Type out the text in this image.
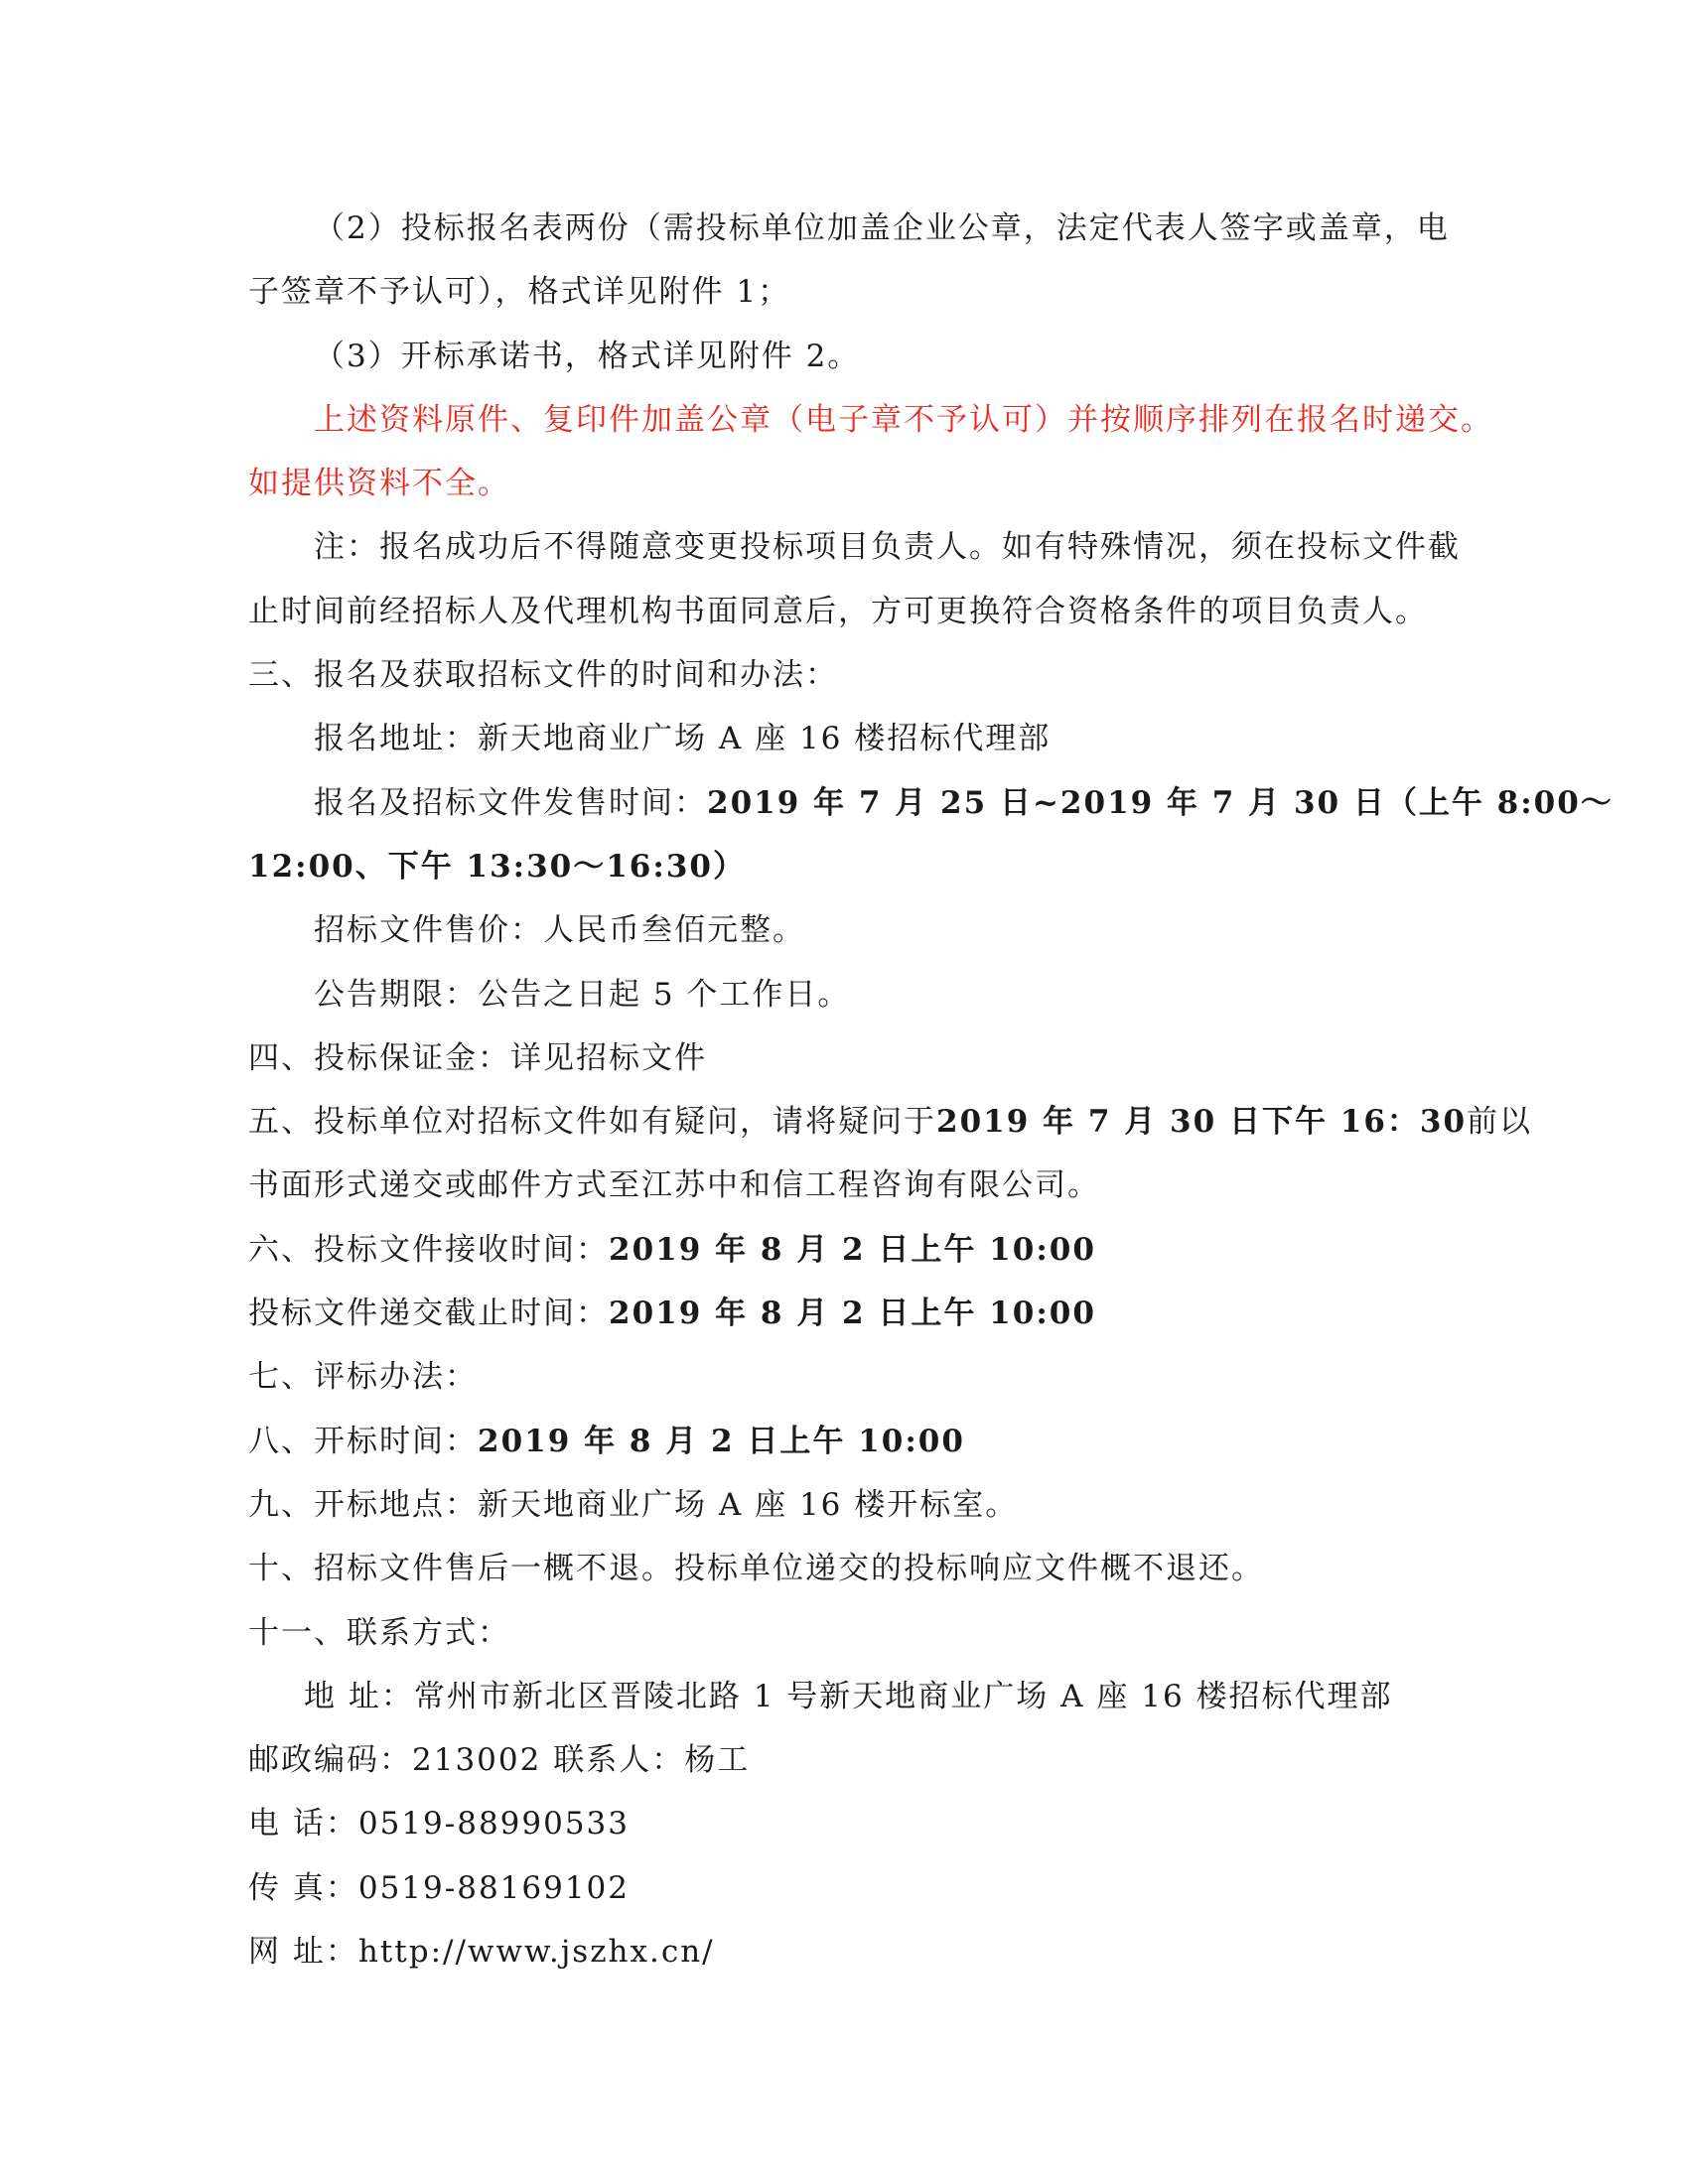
（2）投标报名表两份（需投标单位加盖企业公章，法定代表人签字或盖章，电
子签章不予认可），格式详见附件 1；
（3）开标承诺书，格式详见附件 2。
上述资料原件、复印件加盖公章（电子章不予认可）并按顺序排列在报名时递交。
如提供资料不全。
注：报名成功后不得随意变更投标项目负责人。如有特殊情况，须在投标文件截
止时间前经招标人及代理机构书面同意后，方可更换符合资格条件的项目负责人。
三、报名及获取招标文件的时间和办法：
报名地址：新天地商业广场 A 座 16 楼招标代理部
报名及招标文件发售时间：2019 年 7 月 25 日~2019 年 7 月 30 日（上午 8:00～
12:00、下午 13:30～16:30）
招标文件售价：人民币叁佰元整。
公告期限：公告之日起 5 个工作日。
四、投标保证金：详见招标文件
五、投标单位对招标文件如有疑问，请将疑问于2019 年 7 月 30 日下午 16：30前以
书面形式递交或邮件方式至江苏中和信工程咨询有限公司。
六、投标文件接收时间：2019 年 8 月 2 日上午 10:00
投标文件递交截止时间：2019 年 8 月 2 日上午 10:00
七、评标办法：
八、开标时间：2019 年 8 月 2 日上午 10:00
九、开标地点：新天地商业广场 A 座 16 楼开标室。
十、招标文件售后一概不退。投标单位递交的投标响应文件概不退还。
十一、联系方式：
地 址：常州市新北区晋陵北路 1 号新天地商业广场 A 座 16 楼招标代理部
邮政编码：213002 联系人：杨工
电 话：0519-88990533
传 真：0519-88169102
网 址：http://www.jszhx.cn/
